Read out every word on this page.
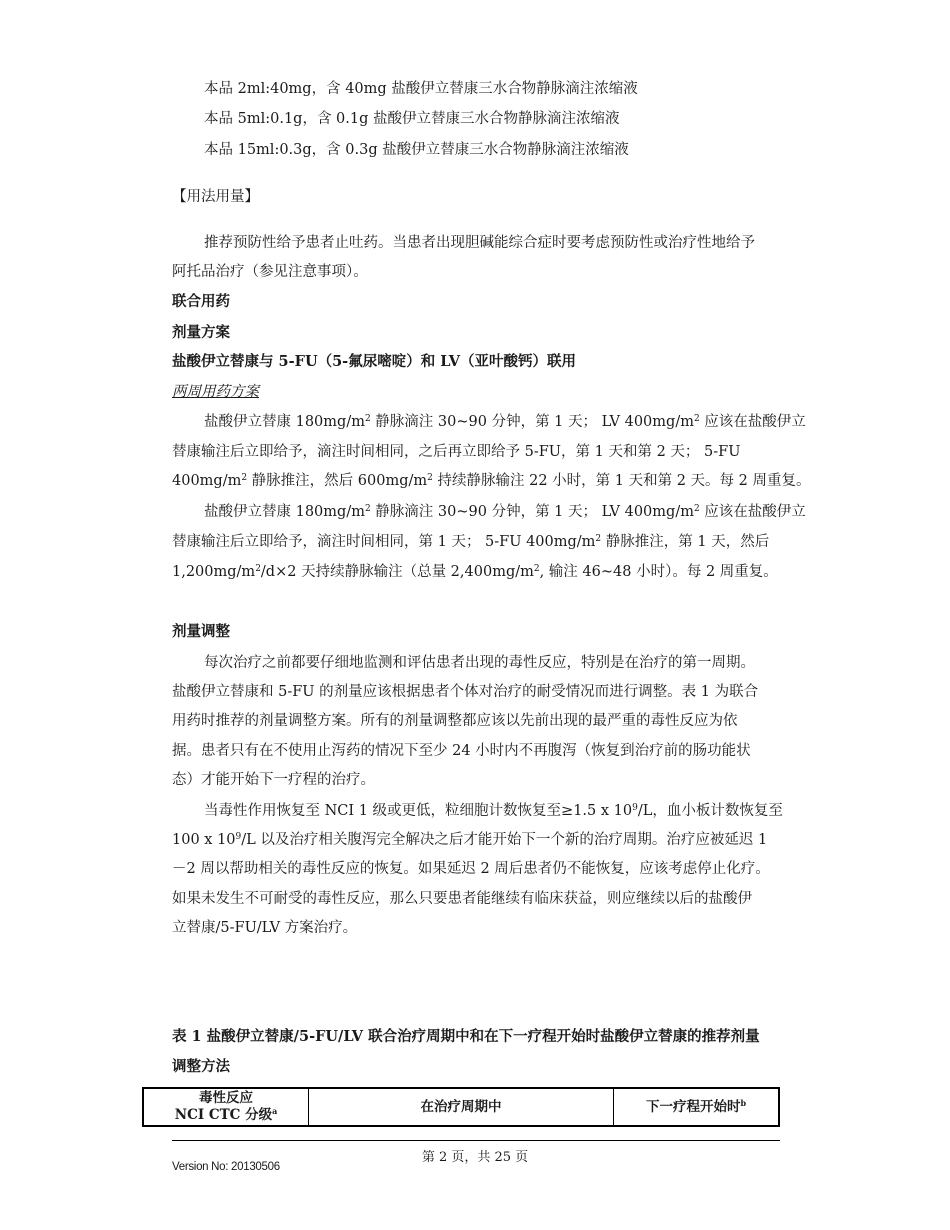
本品 2ml:40mg，含 40mg 盐酸伊立替康三水合物静脉滴注浓缩液
本品 5ml:0.1g，含 0.1g 盐酸伊立替康三水合物静脉滴注浓缩液
本品 15ml:0.3g，含 0.3g 盐酸伊立替康三水合物静脉滴注浓缩液
【用法用量】
推荐预防性给予患者止吐药。当患者出现胆碱能综合症时要考虑预防性或治疗性地给予
阿托品治疗（参见注意事项）。
联合用药
剂量方案
盐酸伊立替康与 5-FU（5-氟尿嘧啶）和 LV（亚叶酸钙）联用
两周用药方案
盐酸伊立替康 $180mg/m^2$ 静脉滴注 30~90 分钟，第 1 天； LV $400mg/m^2$ 应该在盐酸伊立
替康输注后立即给予，滴注时间相同，之后再立即给予 5-FU，第 1 天和第 2 天； 5-FU
$400mg/m^2$ 静脉推注，然后 $600mg/m^2$ 持续静脉输注 22 小时，第 1 天和第 2 天。每 2 周重复。
盐酸伊立替康 $180mg/m^2$ 静脉滴注 30~90 分钟，第 1 天； LV $400mg/m^2$ 应该在盐酸伊立
替康输注后立即给予，滴注时间相同，第 1 天； 5-FU $400mg/m^2$ 静脉推注，第 1 天，然后
$1,200mg/m^2/d\times 2$ 天持续静脉输注（总量 $2,400mg/m^2$, 输注 46~48 小时）。每 2 周重复。
剂量调整
每次治疗之前都要仔细地监测和评估患者出现的毒性反应，特别是在治疗的第一周期。
盐酸伊立替康和 5-FU 的剂量应该根据患者个体对治疗的耐受情况而进行调整。表 1 为联合
用药时推荐的剂量调整方案。所有的剂量调整都应该以先前出现的最严重的毒性反应为依
据。患者只有在不使用止泻药的情况下至少 24 小时内不再腹泻（恢复到治疗前的肠功能状
态）才能开始下一疗程的治疗。
当毒性作用恢复至 NCI 1 级或更低，粒细胞计数恢复至≥1.5 x $10^9/L$，血小板计数恢复至
100 x $10^9/L$ 以及治疗相关腹泻完全解决之后才能开始下一个新的治疗周期。治疗应被延迟 1
－2 周以帮助相关的毒性反应的恢复。如果延迟 2 周后患者仍不能恢复，应该考虑停止化疗。
如果未发生不可耐受的毒性反应，那么只要患者能继续有临床获益，则应继续以后的盐酸伊
立替康/5-FU/LV 方案治疗。
表 1 盐酸伊立替康/5-FU/LV 联合治疗周期中和在下一疗程开始时盐酸伊立替康的推荐剂量
调整方法
毒性反应
NCI CTC 分级$^a$	在治疗周期中	下一疗程开始时$^b$
第 2 页，共 25 页
Version No: 20130506
